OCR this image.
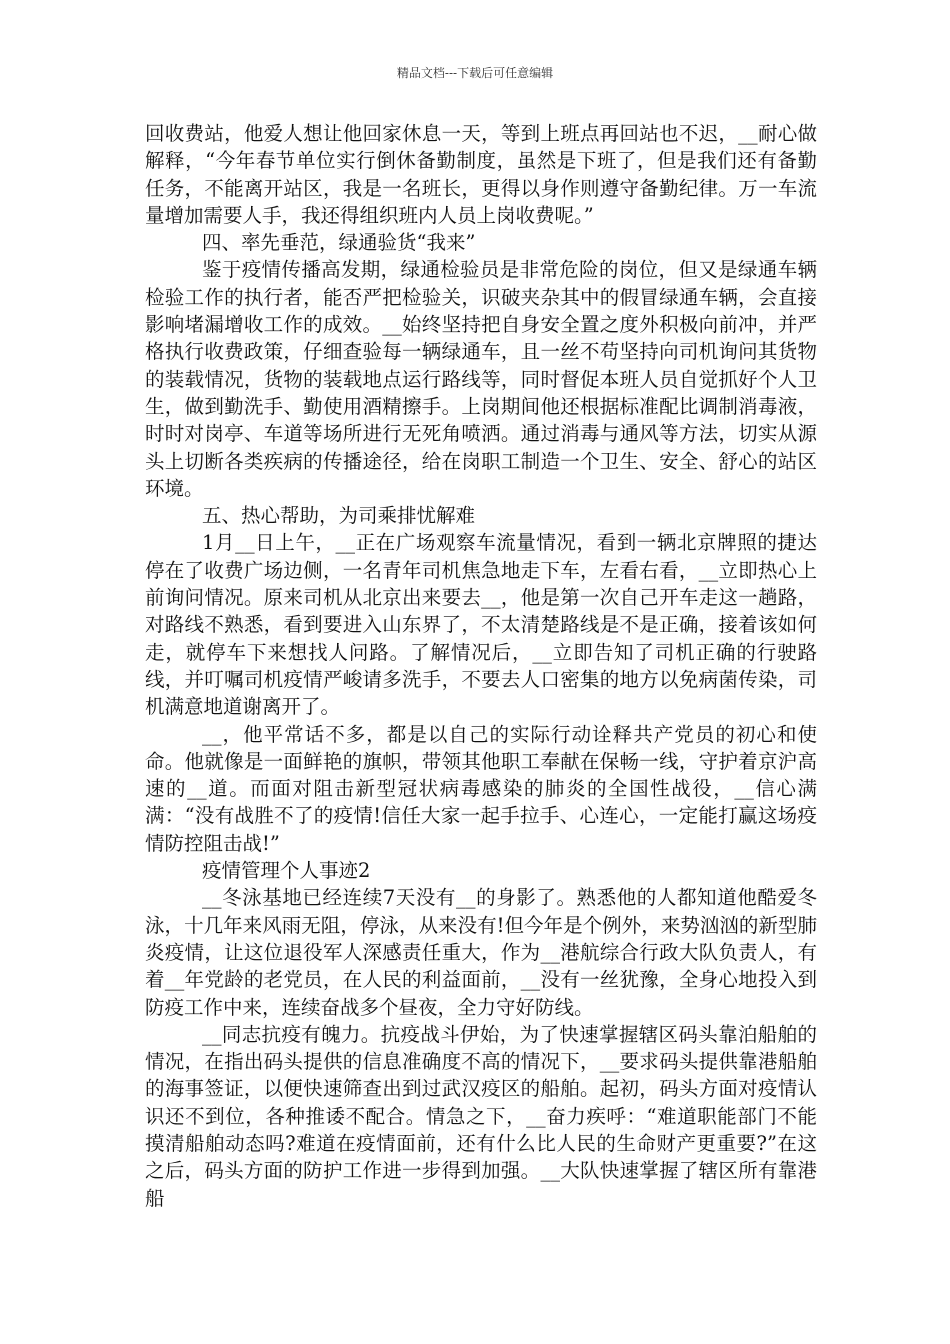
精品文档---下载后可任意编辑

回收费站，他爱人想让他回家休息一天，等到上班点再回站也不迟，__耐心做解释，“今年春节单位实行倒休备勤制度，虽然是下班了，但是我们还有备勤任务，不能离开站区，我是一名班长，更得以身作则遵守备勤纪律。万一车流量增加需要人手，我还得组织班内人员上岗收费呢。”

四、率先垂范，绿通验货“我来”

鉴于疫情传播高发期，绿通检验员是非常危险的岗位，但又是绿通车辆检验工作的执行者，能否严把检验关，识破夹杂其中的假冒绿通车辆，会直接影响堵漏增收工作的成效。__始终坚持把自身安全置之度外积极向前冲，并严格执行收费政策，仔细查验每一辆绿通车，且一丝不苟坚持向司机询问其货物的装载情况，货物的装载地点运行路线等，同时督促本班人员自觉抓好个人卫生，做到勤洗手、勤使用酒精擦手。上岗期间他还根据标准配比调制消毒液，时时对岗亭、车道等场所进行无死角喷洒。通过消毒与通风等方法，切实从源头上切断各类疾病的传播途径，给在岗职工制造一个卫生、安全、舒心的站区环境。

五、热心帮助，为司乘排忧解难

1月__日上午，__正在广场观察车流量情况，看到一辆北京牌照的捷达停在了收费广场边侧，一名青年司机焦急地走下车，左看右看，__立即热心上前询问情况。原来司机从北京出来要去__，他是第一次自己开车走这一趟路，对路线不熟悉，看到要进入山东界了，不太清楚路线是不是正确，接着该如何走，就停车下来想找人问路。了解情况后，__立即告知了司机正确的行驶路线，并叮嘱司机疫情严峻请多洗手，不要去人口密集的地方以免病菌传染，司机满意地道谢离开了。

__，他平常话不多，都是以自己的实际行动诠释共产党员的初心和使命。他就像是一面鲜艳的旗帜，带领其他职工奉献在保畅一线，守护着京沪高速的__道。而面对阻击新型冠状病毒感染的肺炎的全国性战役，__信心满满：“没有战胜不了的疫情!信任大家一起手拉手、心连心，一定能打赢这场疫情防控阻击战!”

疫情管理个人事迹2

__冬泳基地已经连续7天没有__的身影了。熟悉他的人都知道他酷爱冬泳，十几年来风雨无阻，停泳，从来没有!但今年是个例外，来势汹汹的新型肺炎疫情，让这位退役军人深感责任重大，作为__港航综合行政大队负责人，有着__年党龄的老党员，在人民的利益面前，__没有一丝犹豫，全身心地投入到防疫工作中来，连续奋战多个昼夜，全力守好防线。

__同志抗疫有魄力。抗疫战斗伊始，为了快速掌握辖区码头靠泊船舶的情况，在指出码头提供的信息准确度不高的情况下，__要求码头提供靠港船舶的海事签证，以便快速筛查出到过武汉疫区的船舶。起初，码头方面对疫情认识还不到位，各种推诿不配合。情急之下，__奋力疾呼：“难道职能部门不能摸清船舶动态吗?难道在疫情面前，还有什么比人民的生命财产更重要?”在这之后，码头方面的防护工作进一步得到加强。__大队快速掌握了辖区所有靠港船
